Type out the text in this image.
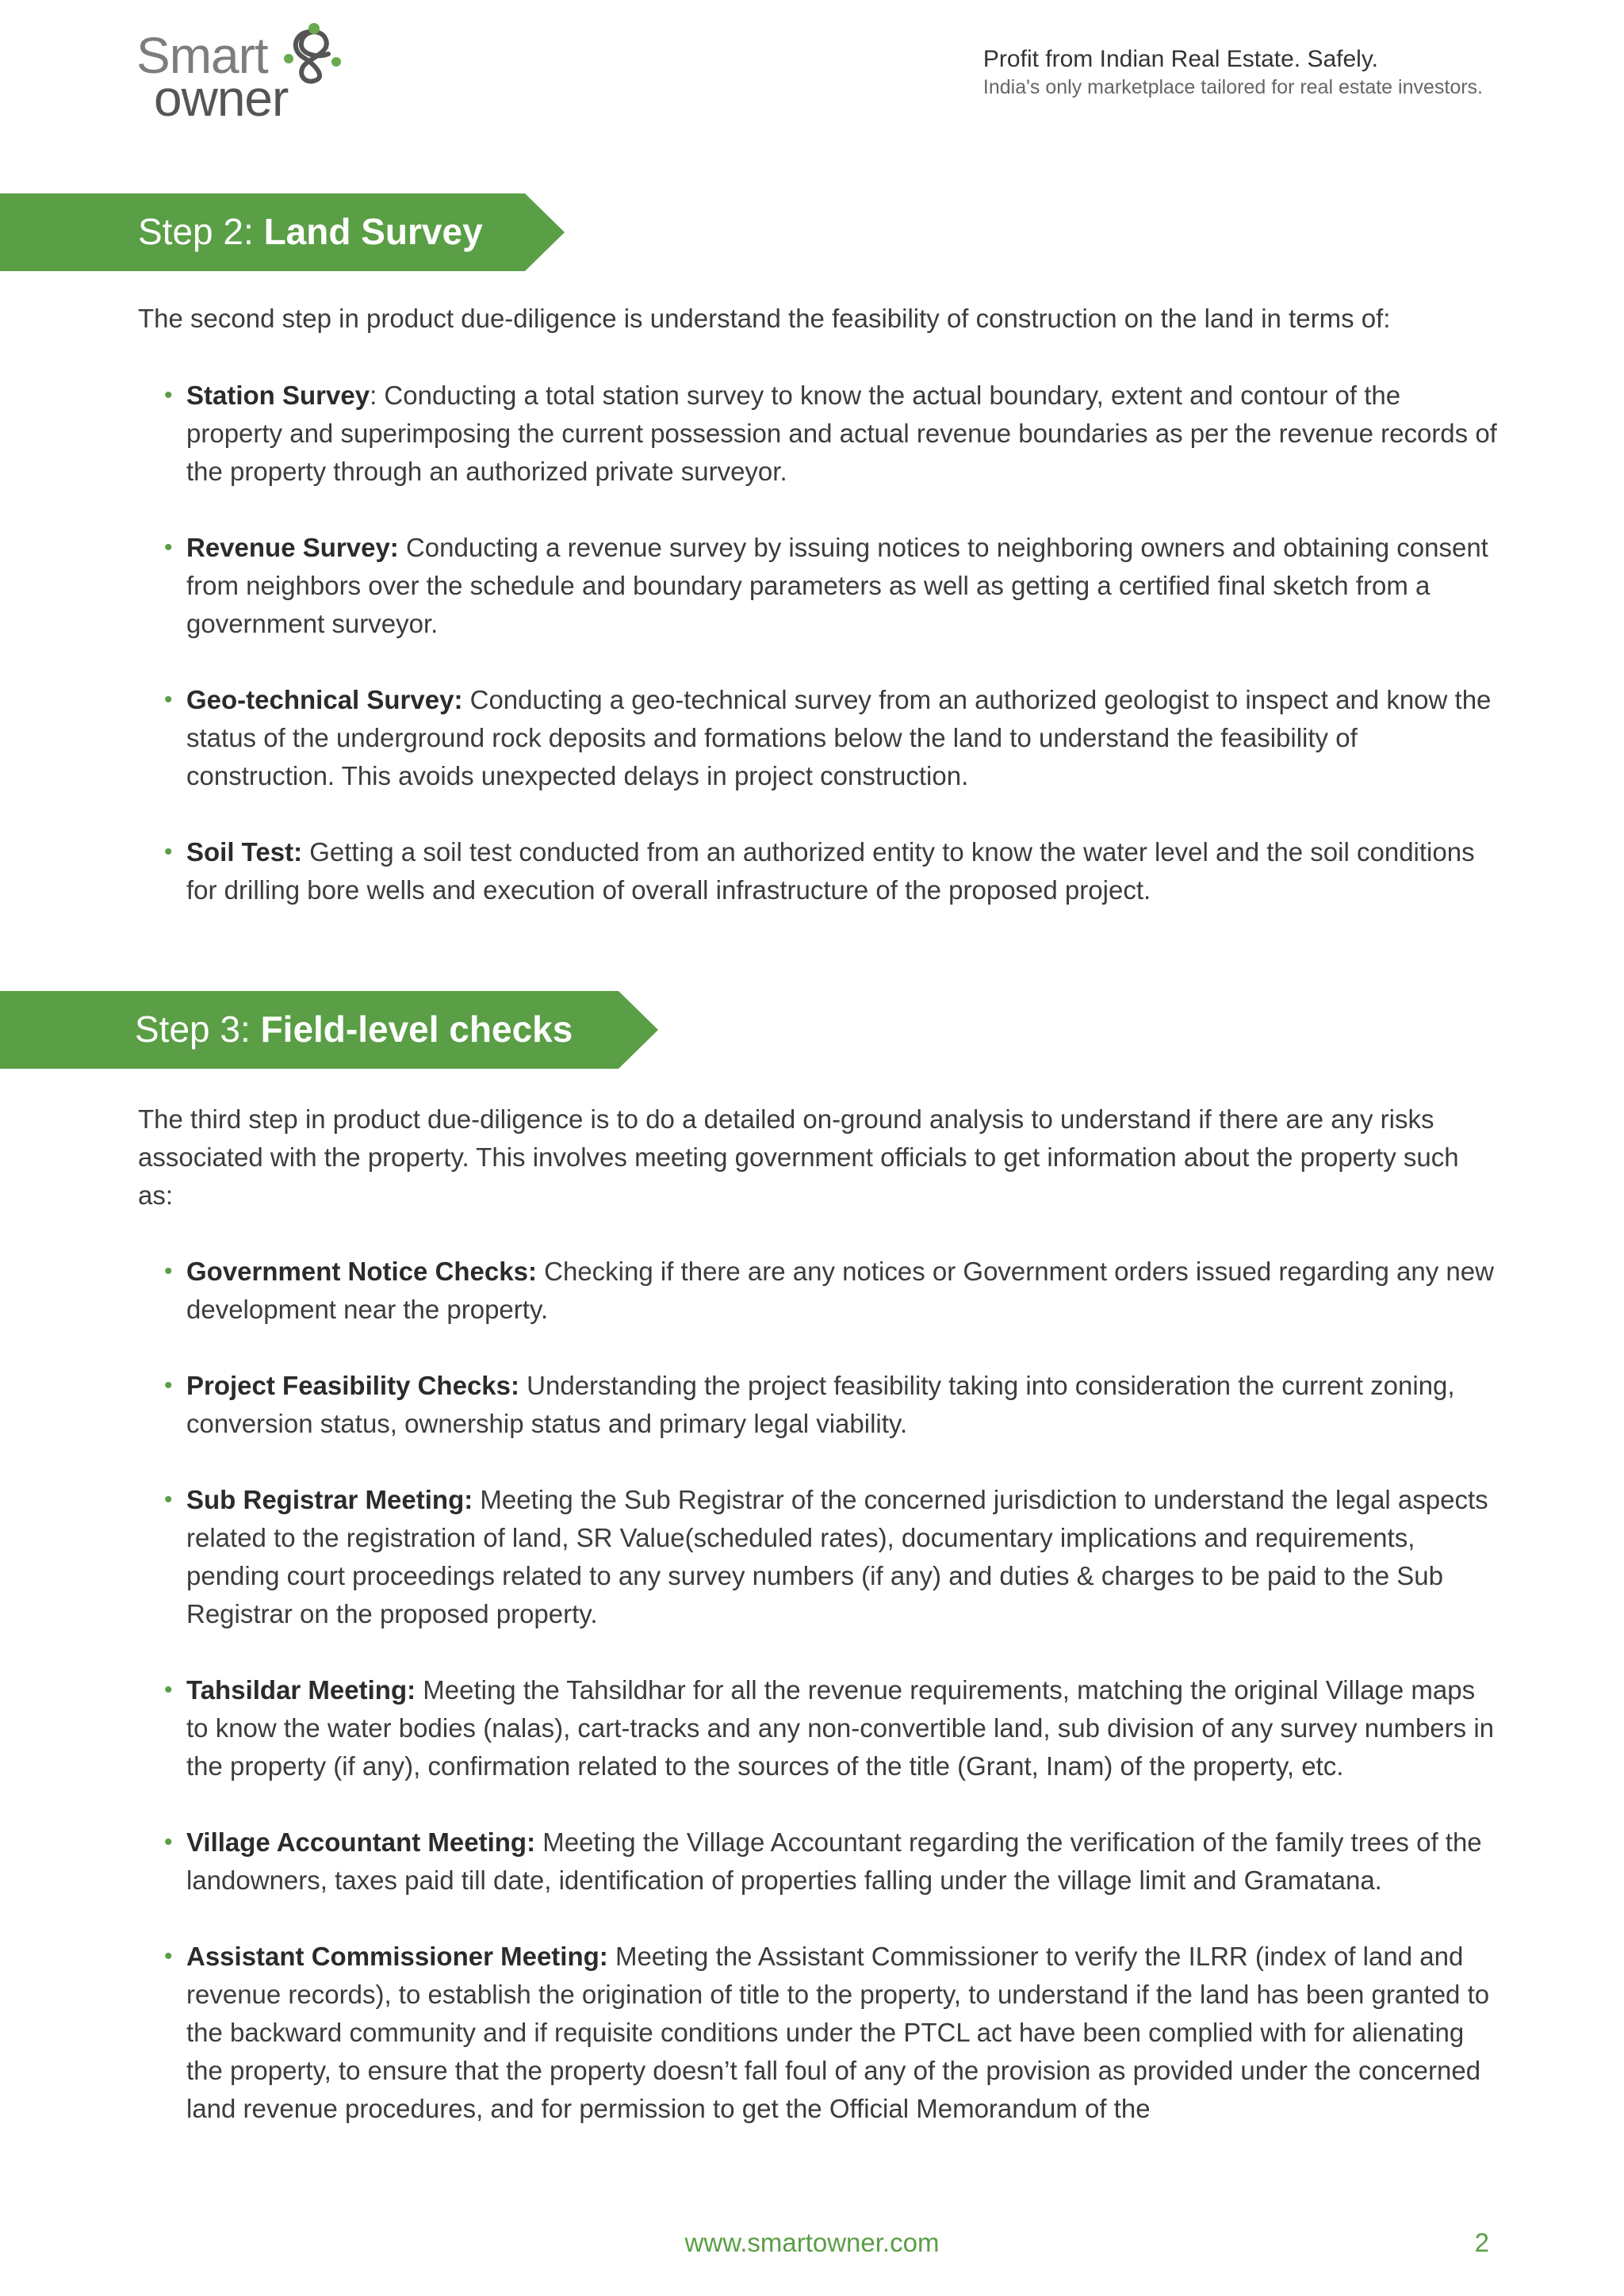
Smart
owner
Profit from Indian Real Estate. Safely.
India's only marketplace tailored for real estate investors.
Step 2: Land Survey

The second step in product due-diligence is understand the feasibility of construction on the land in terms of:

• Station Survey: Conducting a total station survey to know the actual boundary, extent and contour of the property and superimposing the current possession and actual revenue boundaries as per the revenue records of the property through an authorized private surveyor.
• Revenue Survey: Conducting a revenue survey by issuing notices to neighboring owners and obtaining consent from neighbors over the schedule and boundary parameters as well as getting a certified final sketch from a government surveyor.
• Geo-technical Survey: Conducting a geo-technical survey from an authorized geologist to inspect and know the status of the underground rock deposits and formations below the land to understand the feasibility of construction. This avoids unexpected delays in project construction.
• Soil Test: Getting a soil test conducted from an authorized entity to know the water level and the soil conditions for drilling bore wells and execution of overall infrastructure of the proposed project.
Step 3: Field-level checks

The third step in product due-diligence is to do a detailed on-ground analysis to understand if there are any risks associated with the property. This involves meeting government officials to get information about the property such as:

• Government Notice Checks: Checking if there are any notices or Government orders issued regarding any new development near the property.
• Project Feasibility Checks: Understanding the project feasibility taking into consideration the current zoning, conversion status, ownership status and primary legal viability.
• Sub Registrar Meeting: Meeting the Sub Registrar of the concerned jurisdiction to understand the legal aspects related to the registration of land, SR Value(scheduled rates), documentary implications and requirements, pending court proceedings related to any survey numbers (if any) and duties & charges to be paid to the Sub Registrar on the proposed property.
• Tahsildar Meeting: Meeting the Tahsildhar for all the revenue requirements, matching the original Village maps to know the water bodies (nalas), cart-tracks and any non-convertible land, sub division of any survey numbers in the property (if any), confirmation related to the sources of the title (Grant, Inam) of the property, etc.
• Village Accountant Meeting: Meeting the Village Accountant regarding the verification of the family trees of the landowners, taxes paid till date, identification of properties falling under the village limit and Gramatana.
• Assistant Commissioner Meeting: Meeting the Assistant Commissioner to verify the ILRR (index of land and revenue records), to establish the origination of title to the property, to understand if the land has been granted to the backward community and if requisite conditions under the PTCL act have been complied with for alienating the property, to ensure that the property doesn’t fall foul of any of the provision as provided under the concerned land revenue procedures, and for permission to get the Official Memorandum of the
www.smartowner.com	2
